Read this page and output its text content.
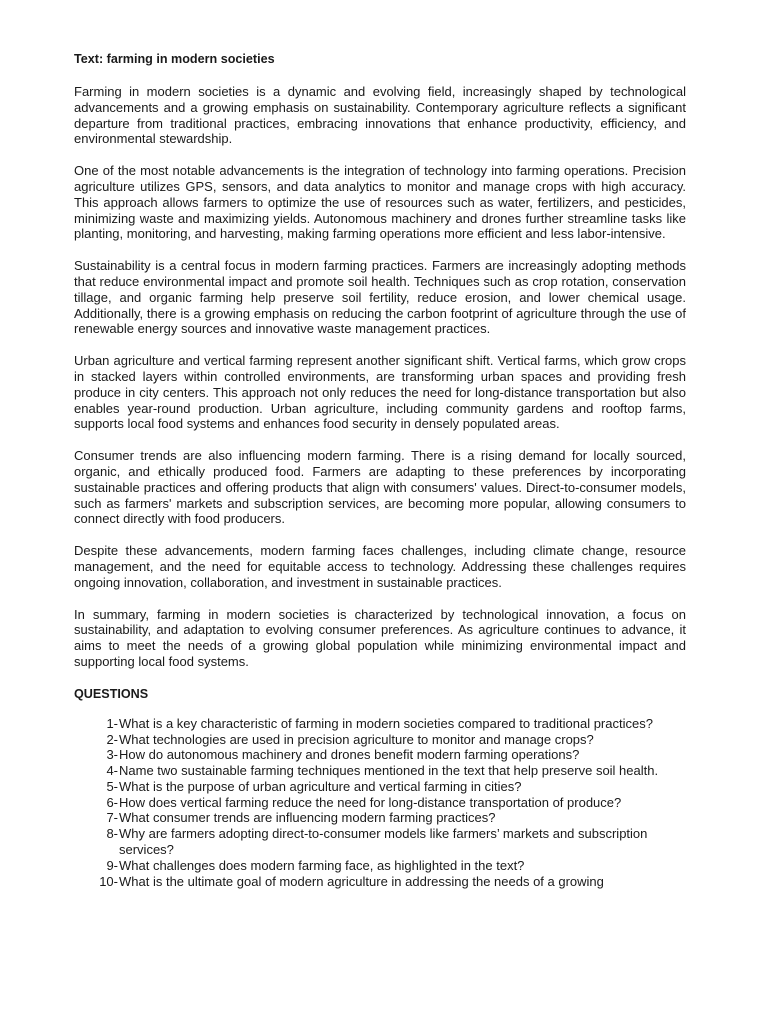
Text: farming in modern societies

Farming in modern societies is a dynamic and evolving field, increasingly shaped by technological advancements and a growing emphasis on sustainability. Contemporary agriculture reflects a significant departure from traditional practices, embracing innovations that enhance productivity, efficiency, and environmental stewardship.

One of the most notable advancements is the integration of technology into farming operations. Precision agriculture utilizes GPS, sensors, and data analytics to monitor and manage crops with high accuracy. This approach allows farmers to optimize the use of resources such as water, fertilizers, and pesticides, minimizing waste and maximizing yields. Autonomous machinery and drones further streamline tasks like planting, monitoring, and harvesting, making farming operations more efficient and less labor-intensive.

Sustainability is a central focus in modern farming practices. Farmers are increasingly adopting methods that reduce environmental impact and promote soil health. Techniques such as crop rotation, conservation tillage, and organic farming help preserve soil fertility, reduce erosion, and lower chemical usage. Additionally, there is a growing emphasis on reducing the carbon footprint of agriculture through the use of renewable energy sources and innovative waste management practices.

Urban agriculture and vertical farming represent another significant shift. Vertical farms, which grow crops in stacked layers within controlled environments, are transforming urban spaces and providing fresh produce in city centers. This approach not only reduces the need for long-distance transportation but also enables year-round production. Urban agriculture, including community gardens and rooftop farms, supports local food systems and enhances food security in densely populated areas.

Consumer trends are also influencing modern farming. There is a rising demand for locally sourced, organic, and ethically produced food. Farmers are adapting to these preferences by incorporating sustainable practices and offering products that align with consumers' values. Direct-to-consumer models, such as farmers' markets and subscription services, are becoming more popular, allowing consumers to connect directly with food producers.

Despite these advancements, modern farming faces challenges, including climate change, resource management, and the need for equitable access to technology. Addressing these challenges requires ongoing innovation, collaboration, and investment in sustainable practices.

In summary, farming in modern societies is characterized by technological innovation, a focus on sustainability, and adaptation to evolving consumer preferences. As agriculture continues to advance, it aims to meet the needs of a growing global population while minimizing environmental impact and supporting local food systems.

QUESTIONS
1- What is a key characteristic of farming in modern societies compared to traditional practices?
2- What technologies are used in precision agriculture to monitor and manage crops?
3- How do autonomous machinery and drones benefit modern farming operations?
4- Name two sustainable farming techniques mentioned in the text that help preserve soil health.
5- What is the purpose of urban agriculture and vertical farming in cities?
6- How does vertical farming reduce the need for long-distance transportation of produce?
7- What consumer trends are influencing modern farming practices?
8- Why are farmers adopting direct-to-consumer models like farmers’ markets and subscription services?
9- What challenges does modern farming face, as highlighted in the text?
10- What is the ultimate goal of modern agriculture in addressing the needs of a growing
